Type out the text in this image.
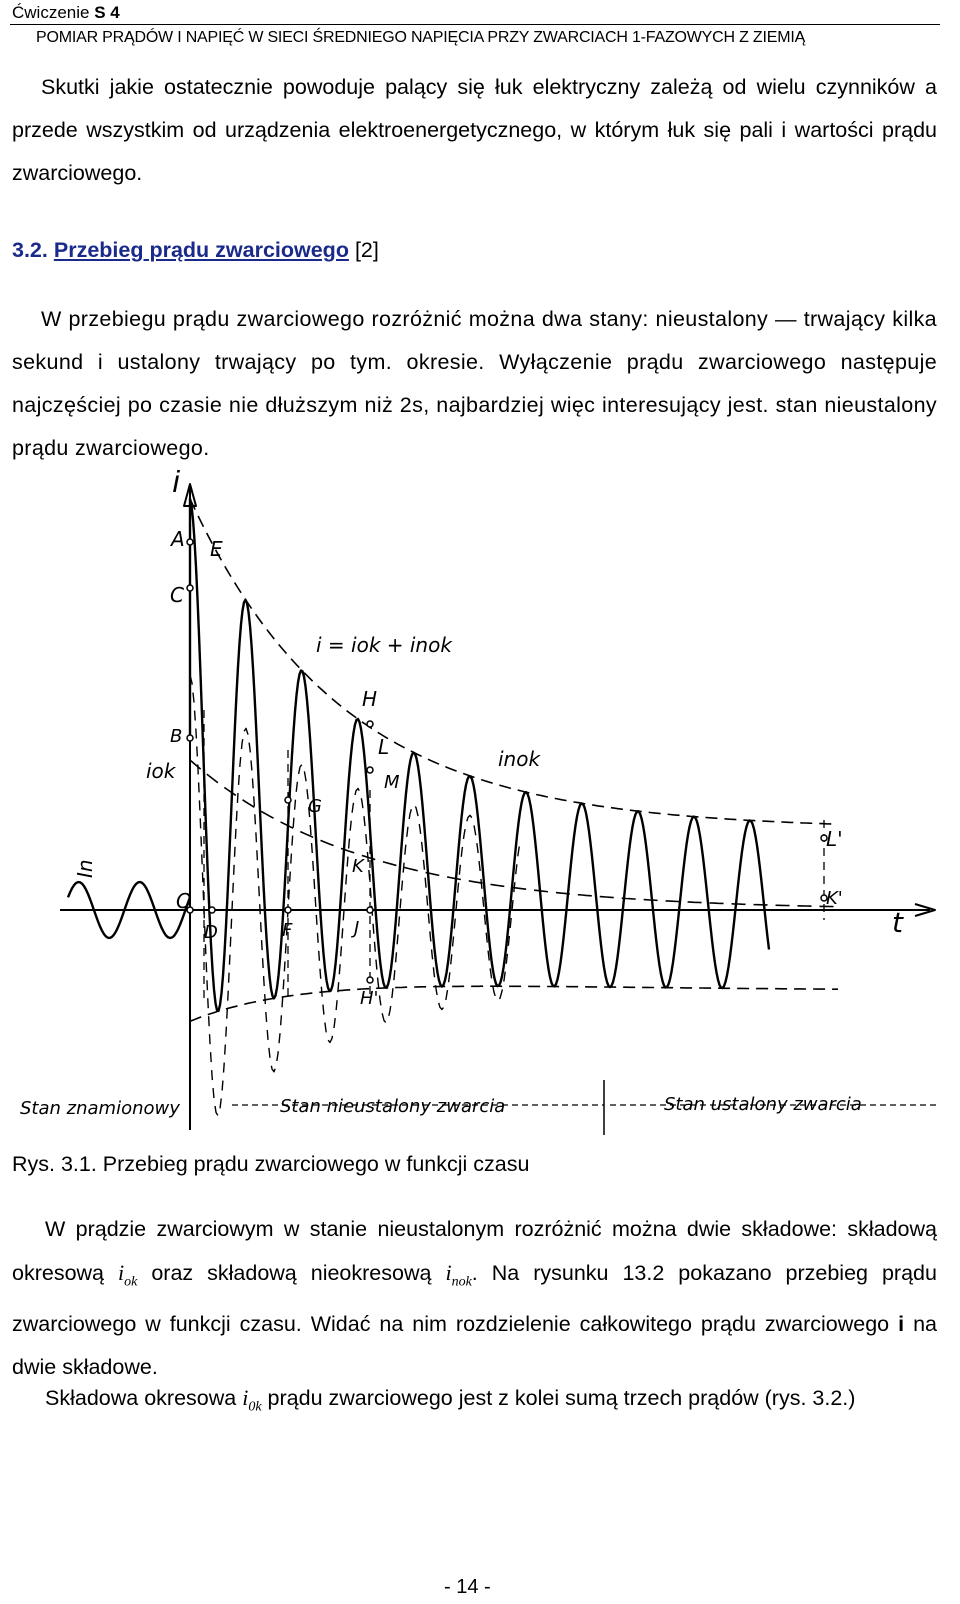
Ćwiczenie S 4
POMIAR PRĄDÓW I NAPIĘĆ W SIECI ŚREDNIEGO NAPIĘCIA PRZY ZWARCIACH 1-FAZOWYCH Z ZIEMIĄ
Skutki jakie ostatecznie powoduje palący się łuk elektryczny zależą od wielu czynników a przede wszystkim od urządzenia elektroenergetycznego, w którym łuk się pali i wartości prądu zwarciowego.
3.2. Przebieg prądu zwarciowego [2]
W przebiegu prądu zwarciowego rozróżnić można dwa stany: nieustalony — trwający kilka sekund i ustalony trwający po tym. okresie. Wyłączenie prądu zwarciowego następuje najczęściej po czasie nie dłuższym niż 2s, najbardziej więc interesujący jest. stan nieustalony prądu zwarciowego.
i
t
A E
C
B
O
D	F
G
H
L
M
K
J
H'
L'
K'
i = iok + inok
iok	inok
In
Stan znamionowy	Stan nieustalony zwarcia	Stan ustalony zwarcia
Rys. 3.1. Przebieg prądu zwarciowego w funkcji czasu
W prądzie zwarciowym w stanie nieustalonym rozróżnić można dwie składowe: składową okresową $i_{ok}$ oraz składową nieokresową $i_{nok}$. Na rysunku 13.2 pokazano przebieg prądu zwarciowego w funkcji czasu. Widać na nim rozdzielenie całkowitego prądu zwarciowego i na dwie składowe.
Składowa okresowa $i_{0k}$ prądu zwarciowego jest z kolei sumą trzech prądów (rys. 3.2.)
- 14 -
